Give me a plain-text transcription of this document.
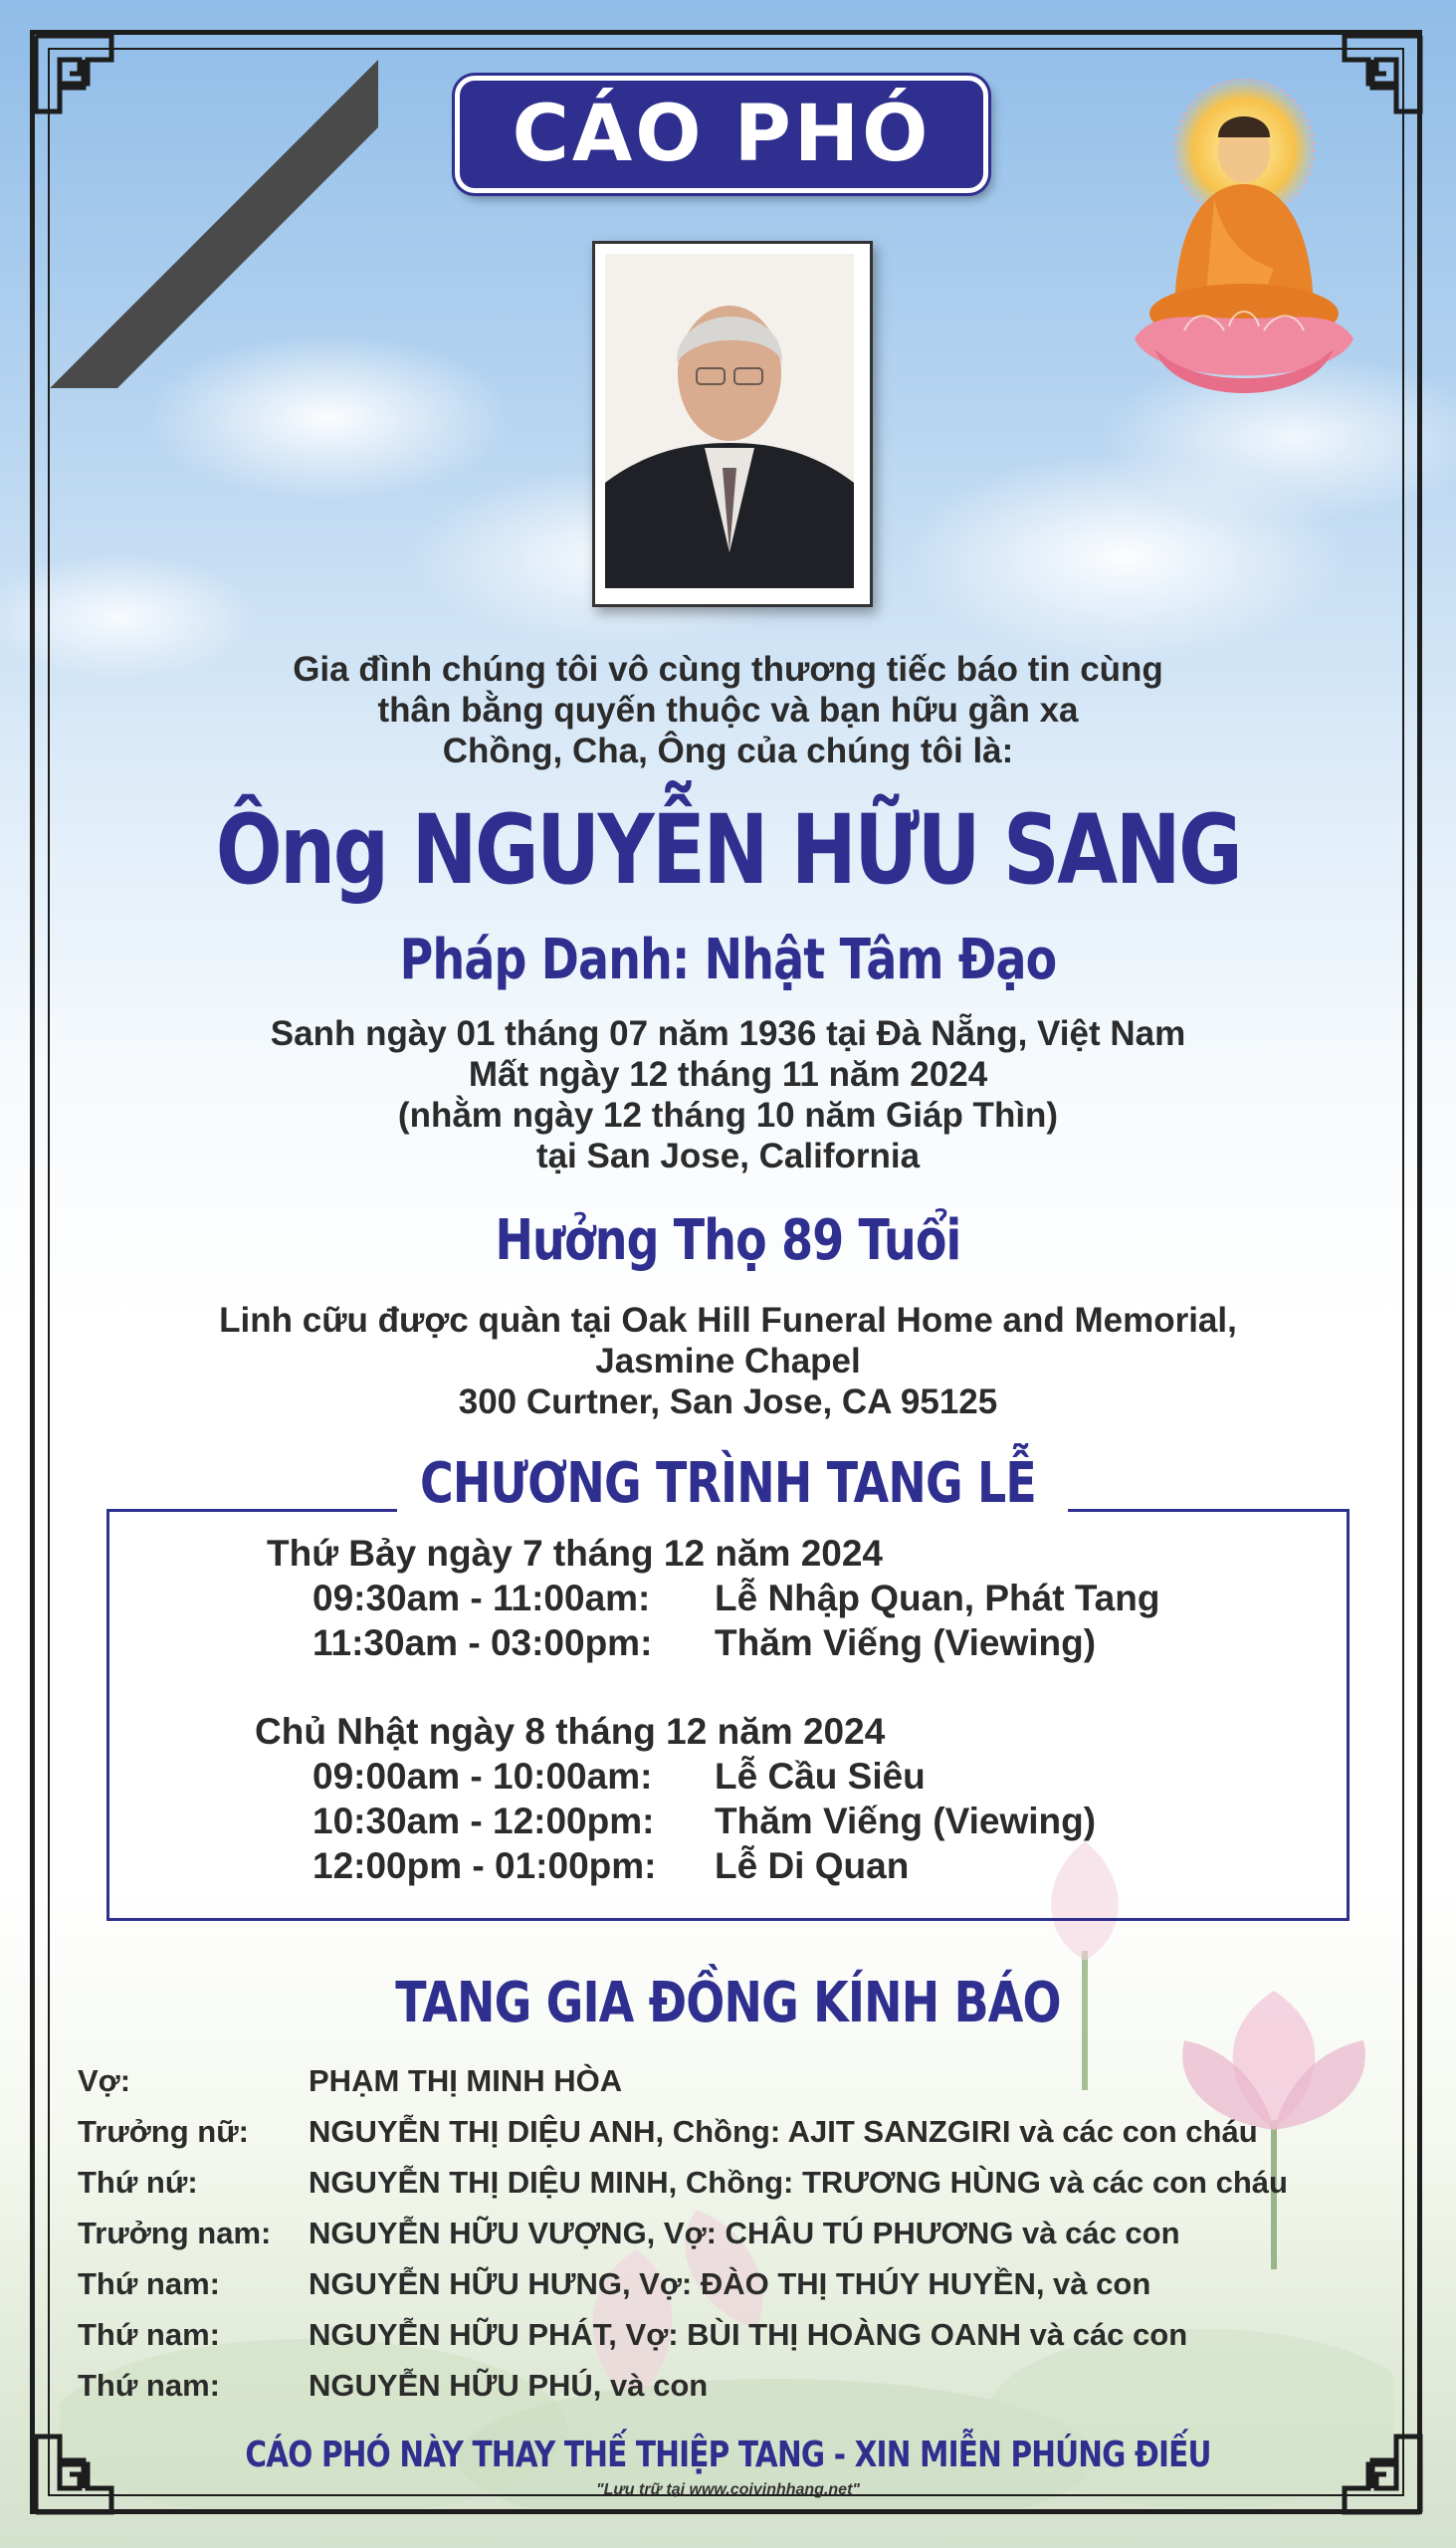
CÁO PHÓ
Gia đình chúng tôi vô cùng thương tiếc báo tin cùng
thân bằng quyến thuộc và bạn hữu gần xa
Chồng, Cha, Ông của chúng tôi là:
Ông NGUYỄN HỮU SANG
Pháp Danh: Nhật Tâm Đạo
Sanh ngày 01 tháng 07 năm 1936 tại Đà Nẵng, Việt Nam
Mất ngày 12 tháng 11 năm 2024
(nhằm ngày 12 tháng 10 năm Giáp Thìn)
tại San Jose, California
Hưởng Thọ 89 Tuổi
Linh cữu được quàn tại Oak Hill Funeral Home and Memorial,
Jasmine Chapel
300 Curtner, San Jose, CA 95125
CHƯƠNG TRÌNH TANG LỄ
Thứ Bảy ngày 7 tháng 12 năm 2024
09:30am - 11:00am: Lễ Nhập Quan, Phát Tang
11:30am - 03:00pm: Thăm Viếng (Viewing)
Chủ Nhật ngày 8 tháng 12 năm 2024
09:00am - 10:00am: Lễ Cầu Siêu
10:30am - 12:00pm: Thăm Viếng (Viewing)
12:00pm - 01:00pm: Lễ Di Quan
TANG GIA ĐỒNG KÍNH BÁO
Vợ:	PHẠM THỊ MINH HÒA
Trưởng nữ: NGUYỄN THỊ DIỆU ANH, Chồng: AJIT SANZGIRI và các con cháu
Thứ nứ:	NGUYỄN THỊ DIỆU MINH, Chồng: TRƯƠNG HÙNG và các con cháu
Trưởng nam: NGUYỄN HỮU VƯỢNG, Vợ: CHÂU TÚ PHƯƠNG và các con
Thứ nam:	NGUYỄN HỮU HƯNG, Vợ: ĐÀO THỊ THÚY HUYỀN, và con
Thứ nam:	NGUYỄN HỮU PHÁT, Vợ: BÙI THỊ HOÀNG OANH và các con
Thứ nam:	NGUYỄN HỮU PHÚ, và con
CÁO PHÓ NÀY THAY THẾ THIỆP TANG - XIN MIỄN PHÚNG ĐIẾU
"Lưu trữ tại www.coivinhhang.net"
